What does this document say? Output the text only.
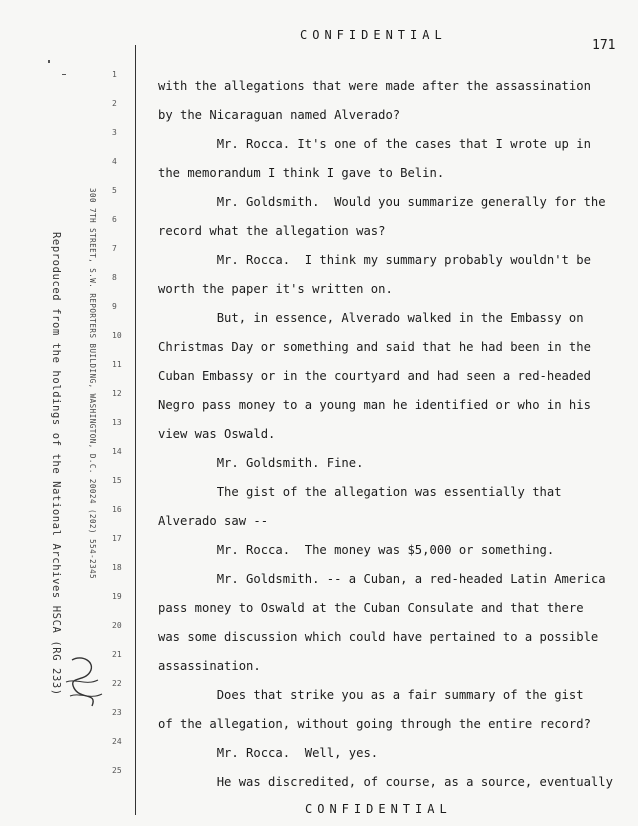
CONFIDENTIAL
171
1
2
3
4
5
6
7
8
9
10
11
12
13
14
15
16
17
18
19
20
21
22
23
24
25
with the allegations that were made after the assassination
by the Nicaraguan named Alverado?
Mr. Rocca. It's one of the cases that I wrote up in
the memorandum I think I gave to Belin.
Mr. Goldsmith.  Would you summarize generally for the
record what the allegation was?
Mr. Rocca.  I think my summary probably wouldn't be
worth the paper it's written on.
But, in essence, Alverado walked in the Embassy on
Christmas Day or something and said that he had been in the
Cuban Embassy or in the courtyard and had seen a red-headed
Negro pass money to a young man he identified or who in his
view was Oswald.
Mr. Goldsmith. Fine.
The gist of the allegation was essentially that
Alverado saw --
Mr. Rocca.  The money was $5,000 or something.
Mr. Goldsmith. -- a Cuban, a red-headed Latin America
pass money to Oswald at the Cuban Consulate and that there
was some discussion which could have pertained to a possible
assassination.
Does that strike you as a fair summary of the gist
of the allegation, without going through the entire record?
Mr. Rocca.  Well, yes.
He was discredited, of course, as a source, eventually
Reproduced from the holdings of the National Archives HSCA (RG 233)	300 7TH STREET, S.W. REPORTERS BUILDING, WASHINGTON, D.C. 20024 (202) 554-2345
CONFIDENTIAL
